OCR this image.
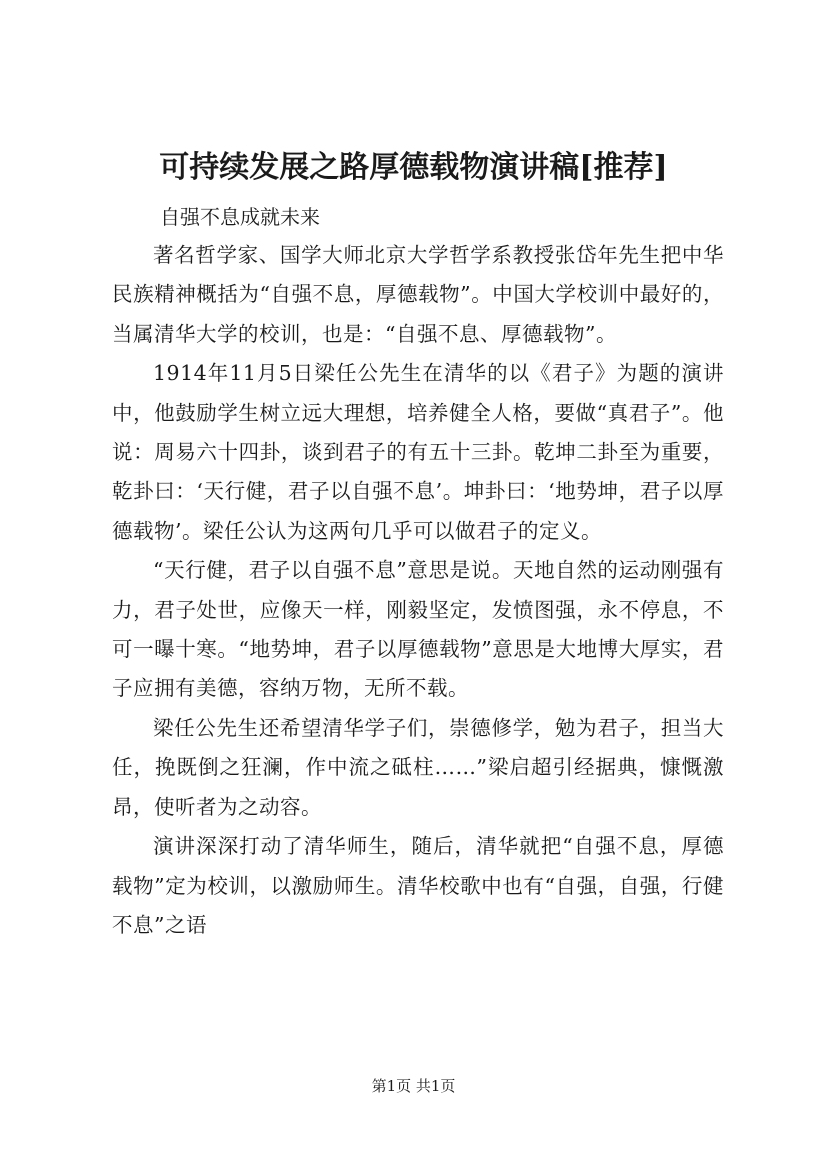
可持续发展之路厚德载物演讲稿[推荐]
自强不息成就未来

著名哲学家、国学大师北京大学哲学系教授张岱年先生把中华民族精神概括为“自强不息，厚德载物”。中国大学校训中最好的，当属清华大学的校训，也是：“自强不息、厚德载物”。

1914年11月5日梁任公先生在清华的以《君子》为题的演讲中，他鼓励学生树立远大理想，培养健全人格，要做“真君子”。他说：周易六十四卦，谈到君子的有五十三卦。乾坤二卦至为重要，乾卦曰：‘天行健，君子以自强不息’。坤卦曰：‘地势坤，君子以厚德载物’。梁任公认为这两句几乎可以做君子的定义。

“天行健，君子以自强不息”意思是说。天地自然的运动刚强有力，君子处世，应像天一样，刚毅坚定，发愤图强，永不停息，不可一曝十寒。“地势坤，君子以厚德载物”意思是大地博大厚实，君子应拥有美德，容纳万物，无所不载。

梁任公先生还希望清华学子们，崇德修学，勉为君子，担当大任，挽既倒之狂澜，作中流之砥柱……”梁启超引经据典，慷慨激昂，使听者为之动容。

演讲深深打动了清华师生，随后，清华就把“自强不息，厚德载物”定为校训，以激励师生。清华校歌中也有“自强，自强，行健不息”之语

第1页 共1页
